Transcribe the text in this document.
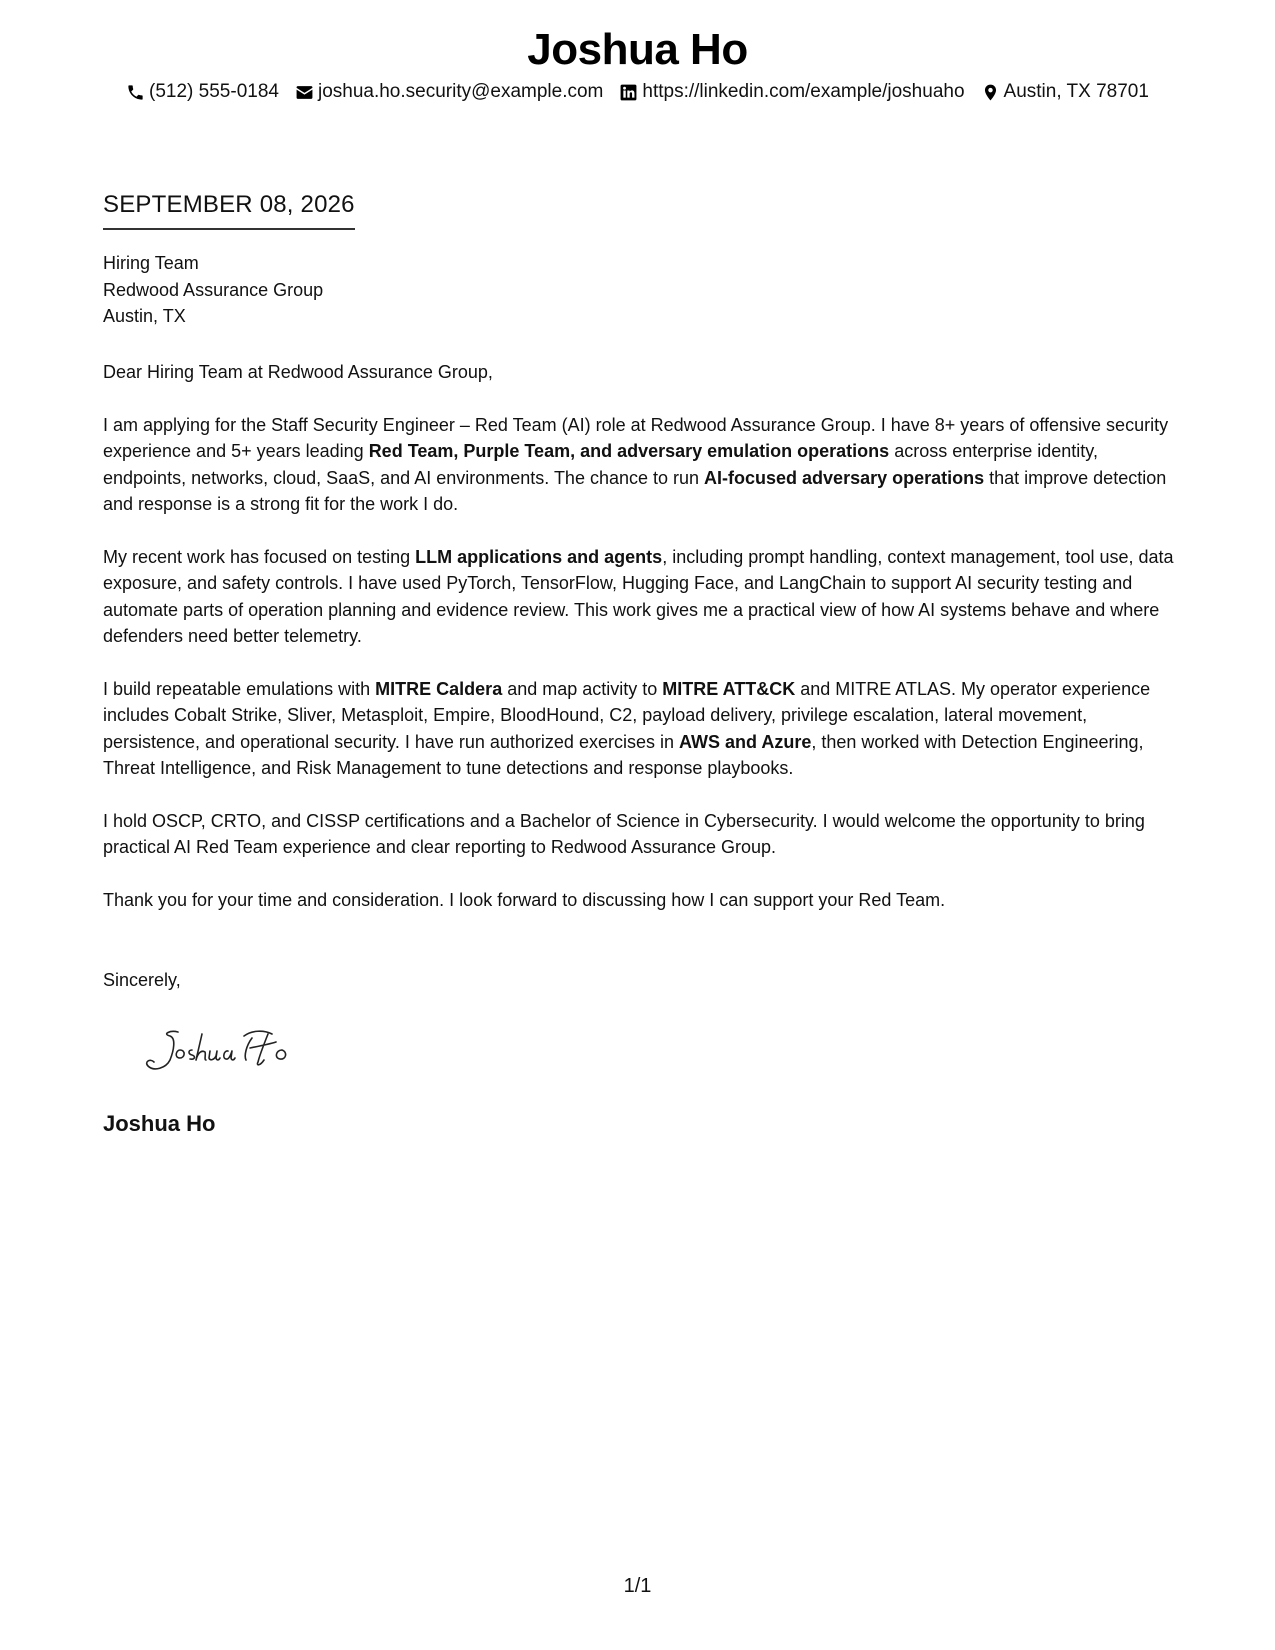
Joshua Ho
(512) 555-0184 joshua.ho.security@example.com https://linkedin.com/example/joshuaho Austin, TX 78701
SEPTEMBER 08, 2026
Hiring Team
Redwood Assurance Group
Austin, TX

Dear Hiring Team at Redwood Assurance Group,

I am applying for the Staff Security Engineer – Red Team (AI) role at Redwood Assurance Group. I have 8+ years of offensive security experience and 5+ years leading Red Team, Purple Team, and adversary emulation operations across enterprise identity, endpoints, networks, cloud, SaaS, and AI environments. The chance to run AI-focused adversary operations that improve detection and response is a strong fit for the work I do.

My recent work has focused on testing LLM applications and agents, including prompt handling, context management, tool use, data exposure, and safety controls. I have used PyTorch, TensorFlow, Hugging Face, and LangChain to support AI security testing and automate parts of operation planning and evidence review. This work gives me a practical view of how AI systems behave and where defenders need better telemetry.

I build repeatable emulations with MITRE Caldera and map activity to MITRE ATT&CK and MITRE ATLAS. My operator experience includes Cobalt Strike, Sliver, Metasploit, Empire, BloodHound, C2, payload delivery, privilege escalation, lateral movement, persistence, and operational security. I have run authorized exercises in AWS and Azure, then worked with Detection Engineering, Threat Intelligence, and Risk Management to tune detections and response playbooks.

I hold OSCP, CRTO, and CISSP certifications and a Bachelor of Science in Cybersecurity. I would welcome the opportunity to bring practical AI Red Team experience and clear reporting to Redwood Assurance Group.

Thank you for your time and consideration. I look forward to discussing how I can support your Red Team.

Sincerely,
Joshua Ho
1/1
